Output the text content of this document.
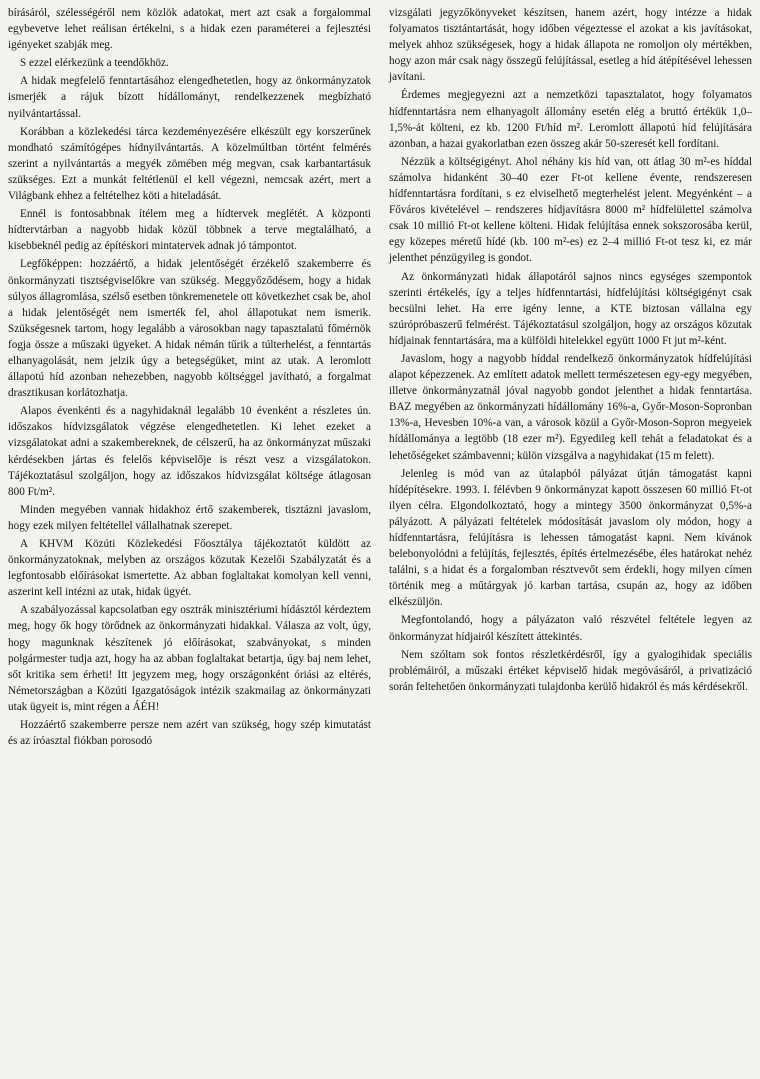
bírásáról, szélességéről nem közlök adatokat, mert azt csak a forgalommal egybevetve lehet reálisan értékelni, s a hidak ezen paraméterei a fejlesztési igényeket szabják meg.

S ezzel elérkezünk a teendőkhöz.

A hidak megfelelő fenntartásához elengedhetetlen, hogy az önkormányzatok ismerjék a rájuk bízott hídállományt, rendelkezzenek megbízható nyilvántartással.

Korábban a közlekedési tárca kezdeményezésére elkészült egy korszerűnek mondható számítógépes hídnyilvántartás. A közelmúltban történt felmérés szerint a nyilvántartás a megyék zömében még megvan, csak karbantartásuk szükséges. Ezt a munkát feltétlenül el kell végezni, nemcsak azért, mert a Világbank ehhez a feltételhez köti a hiteladását.

Ennél is fontosabbnak ítélem meg a hídtervek meglétét. A központi hídtervtárban a nagyobb hidak közül többnek a terve megtalálható, a kisebbeknél pedig az építéskori mintatervek adnak jó támpontot.

Legfőképpen: hozzáértő, a hidak jelentőségét érzékelő szakemberre és önkormányzati tisztségviselőkre van szükség. Meggyőződésem, hogy a hidak súlyos állagromlása, szélső esetben tönkremenetele ott következhet csak be, ahol a hidak jelentőségét nem ismerték fel, ahol állapotukat nem ismerik. Szükségesnek tartom, hogy legalább a városokban nagy tapasztalatú főmérnök fogja össze a műszaki ügyeket. A hidak némán tűrik a túlterhelést, a fenntartás elhanyagolását, nem jelzik úgy a betegségüket, mint az utak. A leromlott állapotú híd azonban nehezebben, nagyobb költséggel javítható, a forgalmat drasztikusan korlátozhatja.

Alapos évenkénti és a nagyhidaknál legalább 10 évenként a részletes ún. időszakos hídvizsgálatok végzése elengedhetetlen. Ki lehet ezeket a vizsgálatokat adni a szakembereknek, de célszerű, ha az önkormányzat műszaki kérdésekben jártas és felelős képviselője is részt vesz a vizsgálatokon. Tájékoztatásul szolgáljon, hogy az időszakos hídvizsgálat költsége átlagosan 800 Ft/m².

Minden megyében vannak hidakhoz értő szakemberek, tisztázni javaslom, hogy ezek milyen feltétellel vállalhatnak szerepet.

A KHVM Közúti Közlekedési Főosztálya tájékoztatót küldött az önkormányzatoknak, melyben az országos közutak Kezelői Szabályzatát és a legfontosabb előírásokat ismertette. Az abban foglaltakat komolyan kell venni, aszerint kell intézni az utak, hidak ügyét.

A szabályozással kapcsolatban egy osztrák minisztériumi hídásztól kérdeztem meg, hogy ők hogy törődnek az önkormányzati hidakkal. Válasza az volt, úgy, hogy magunknak készítenek jó előírásokat, szabványokat, s minden polgármester tudja azt, hogy ha az abban foglaltakat betartja, úgy baj nem lehet, sőt kritika sem érheti! Itt jegyzem meg, hogy országonként óriási az eltérés, Németországban a Közúti Igazgatóságok intézik szakmailag az önkormányzati utak ügyeit is, mint régen a ÁÉH!

Hozzáértő szakemberre persze nem azért van szükség, hogy szép kimutatást és az íróasztal fiókban porosodó

vizsgálati jegyzőkönyveket készítsen, hanem azért, hogy intézze a hidak folyamatos tisztántartását, hogy időben végeztesse el azokat a kis javításokat, melyek ahhoz szükségesek, hogy a hidak állapota ne romoljon oly mértékben, hogy azon már csak nagy összegű felújítással, esetleg a híd átépítésével lehessen javítani.

Érdemes megjegyezni azt a nemzetközi tapasztalatot, hogy folyamatos hídfenntartásra nem elhanyagolt állomány esetén elég a bruttó értékük 1,0–1,5%-át költeni, ez kb. 1200 Ft/híd m². Leromlott állapotú híd felújítására azonban, a hazai gyakorlatban ezen összeg akár 50-szeresét kell fordítani.

Nézzük a költségigényt. Ahol néhány kis híd van, ott átlag 30 m²-es híddal számolva hidanként 30–40 ezer Ft-ot kellene évente, rendszeresen hídfenntartásra fordítani, s ez elviselhető megterhelést jelent. Megyénként – a Főváros kivételével – rendszeres hídjavításra 8000 m² hídfelülettel számolva csak 10 millió Ft-ot kellene költeni. Hidak felújítása ennek sokszorosába kerül, egy közepes méretű hídé (kb. 100 m²-es) ez 2–4 millió Ft-ot tesz ki, ez már jelenthet pénzügyileg is gondot.

Az önkormányzati hidak állapotáról sajnos nincs egységes szempontok szerinti értékelés, így a teljes hídfenntartási, hídfelújítási költségigényt csak becsülni lehet. Ha erre igény lenne, a KTE biztosan vállalna egy szúrópróbaszerű felmérést. Tájékoztatásul szolgáljon, hogy az országos közutak hídjainak fenntartására, ma a külföldi hitelekkel együtt 1000 Ft jut m²-ként.

Javaslom, hogy a nagyobb híddal rendelkező önkormányzatok hídfelújítási alapot képezzenek. Az említett adatok mellett természetesen egy-egy megyében, illetve önkormányzatnál jóval nagyobb gondot jelenthet a hidak fenntartása. BAZ megyében az önkormányzati hídállomány 16%-a, Győr-Moson-Sopronban 13%-a, Hevesben 10%-a van, a városok közül a Győr-Moson-Sopron megyeiek hídállománya a legtöbb (18 ezer m²). Egyedileg kell tehát a feladatokat és a lehetőségeket számbavenni; külön vizsgálva a nagyhidakat (15 m felett).

Jelenleg is mód van az útalapból pályázat útján támogatást kapni hídépítésekre. 1993. I. félévben 9 önkormányzat kapott összesen 60 millió Ft-ot ilyen célra. Elgondolkoztató, hogy a mintegy 3500 önkormányzat 0,5%-a pályázott. A pályázati feltételek módosítását javaslom oly módon, hogy a hídfenntartásra, felújításra is lehessen támogatást kapni. Nem kívánok belebonyolódni a felújítás, fejlesztés, építés értelmezésébe, éles határokat nehéz találni, s a hidat és a forgalomban résztvevőt sem érdekli, hogy milyen címen történik meg a műtárgyak jó karban tartása, csupán az, hogy az időben elkészüljön.

Megfontolandó, hogy a pályázaton való részvétel feltétele legyen az önkormányzat hídjairól készített áttekintés.

Nem szóltam sok fontos részletkérdésről, így a gyalogihidak speciális problémáiról, a műszaki értéket képviselő hidak megóvásáról, a privatizáció során feltehetően önkormányzati tulajdonba kerülő hidakról és más kérdésekről.
